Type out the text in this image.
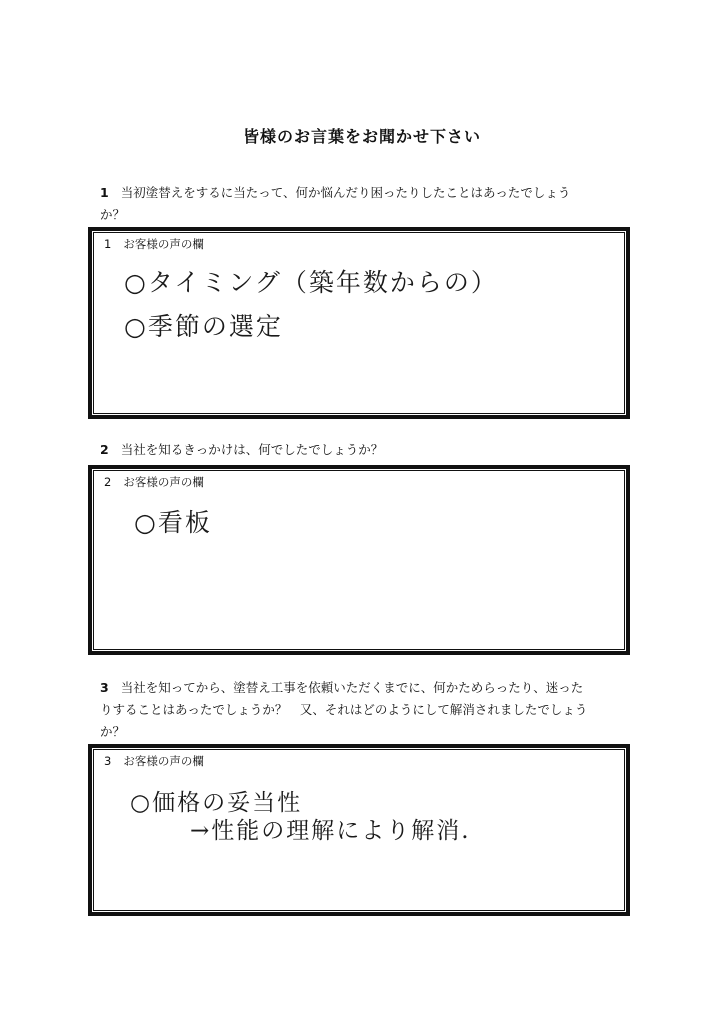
皆様のお言葉をお聞かせ下さい
1 当初塗替えをするに当たって、何か悩んだり困ったりしたことはあったでしょう
か？
1 お客様の声の欄
○タイミング（築年数からの）
○季節の選定
2 当社を知るきっかけは、何でしたでしょうか？
2 お客様の声の欄
○看板
3 当社を知ってから、塗替え工事を依頼いただくまでに、何かためらったり、迷った
りすることはあったでしょうか？　又、それはどのようにして解消されましたでしょう
か？
3 お客様の声の欄
○価格の妥当性
→性能の理解により解消.
